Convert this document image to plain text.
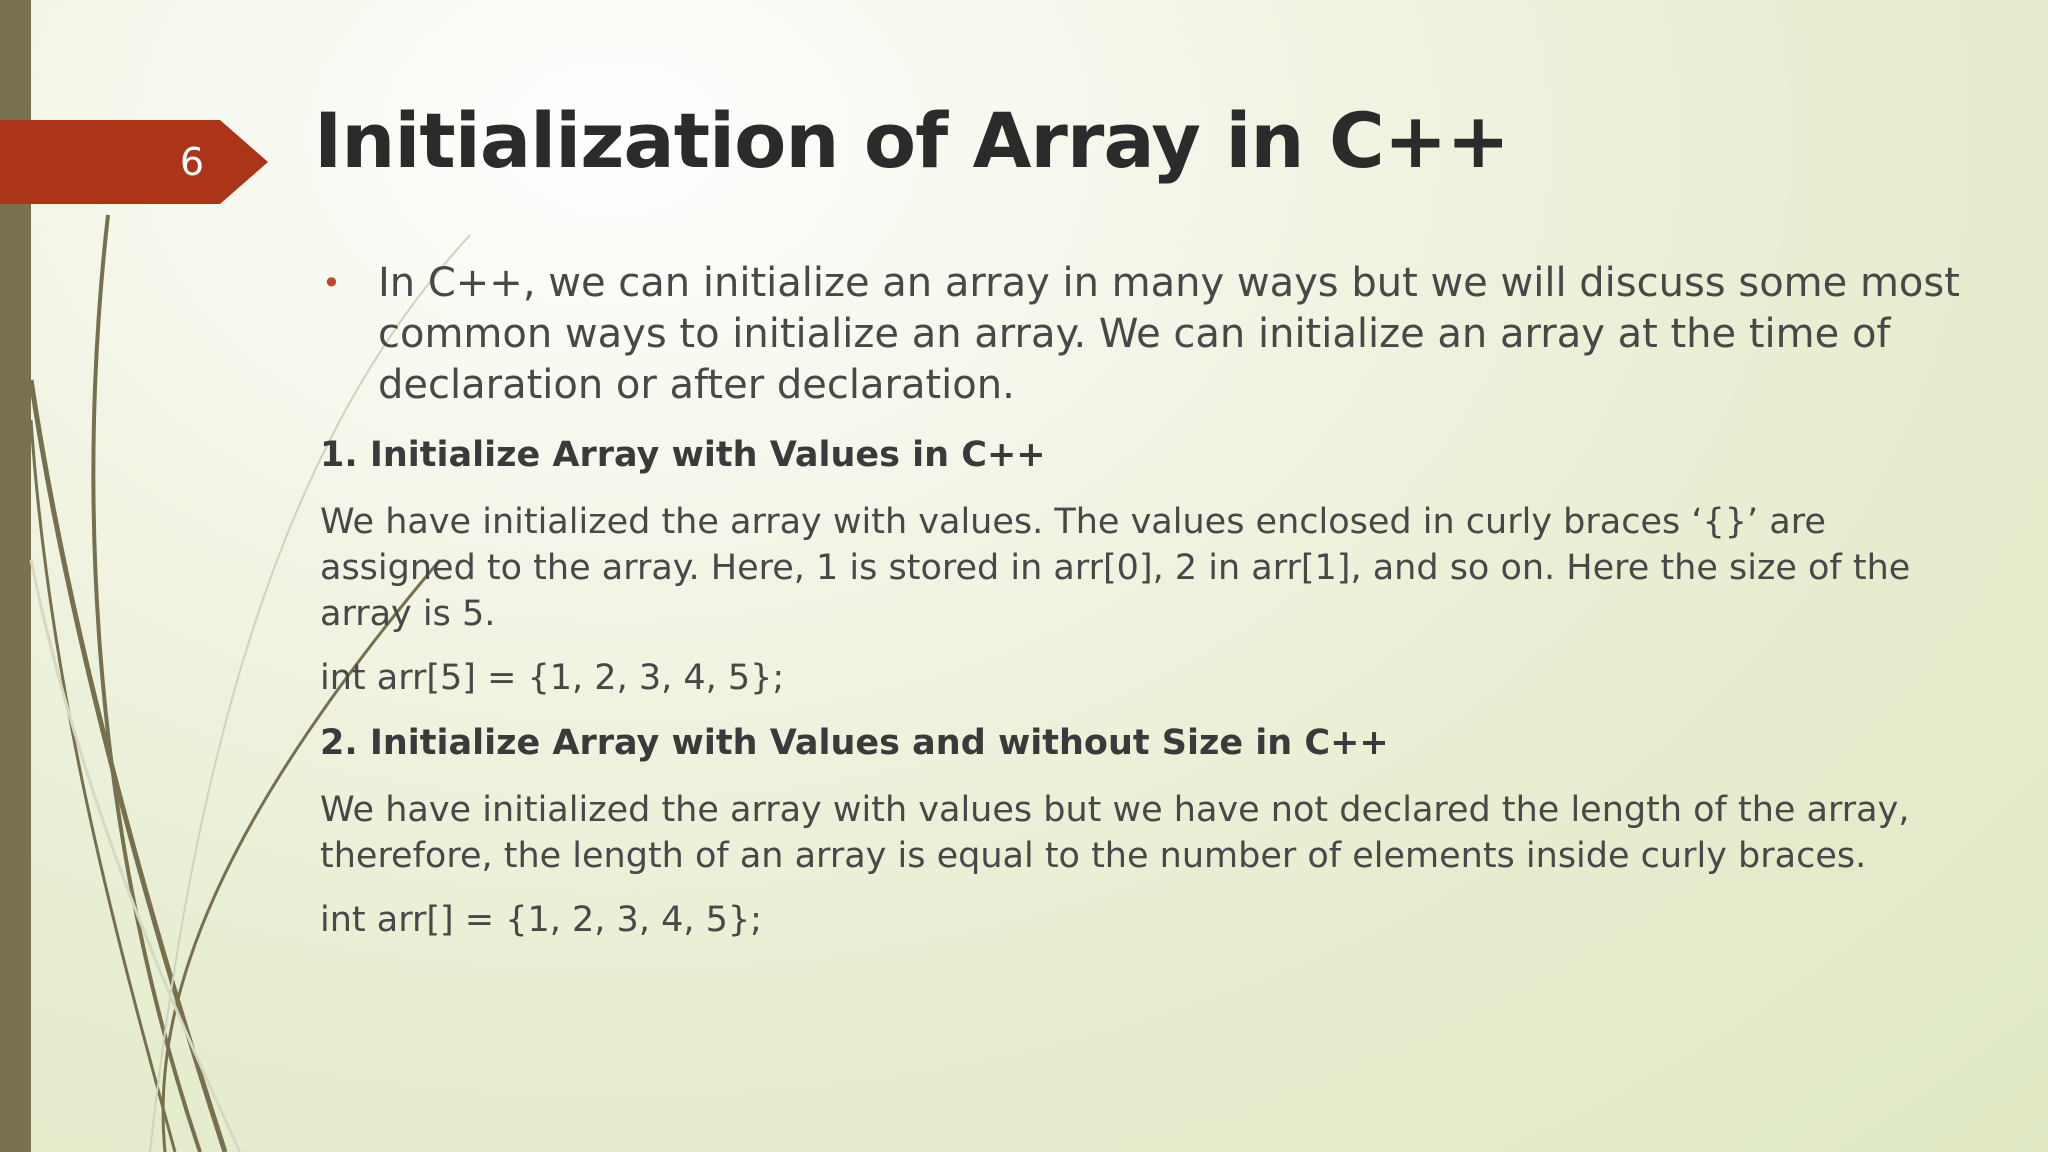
6 Initialization of Array in C++
• In C++, we can initialize an array in many ways but we will discuss some most common ways to initialize an array. We can initialize an array at the time of declaration or after declaration.
1. Initialize Array with Values in C++
We have initialized the array with values. The values enclosed in curly braces ‘{}’ are assigned to the array. Here, 1 is stored in arr[0], 2 in arr[1], and so on. Here the size of the array is 5.
int arr[5] = {1, 2, 3, 4, 5};
2. Initialize Array with Values and without Size in C++
We have initialized the array with values but we have not declared the length of the array, therefore, the length of an array is equal to the number of elements inside curly braces.
int arr[] = {1, 2, 3, 4, 5};
